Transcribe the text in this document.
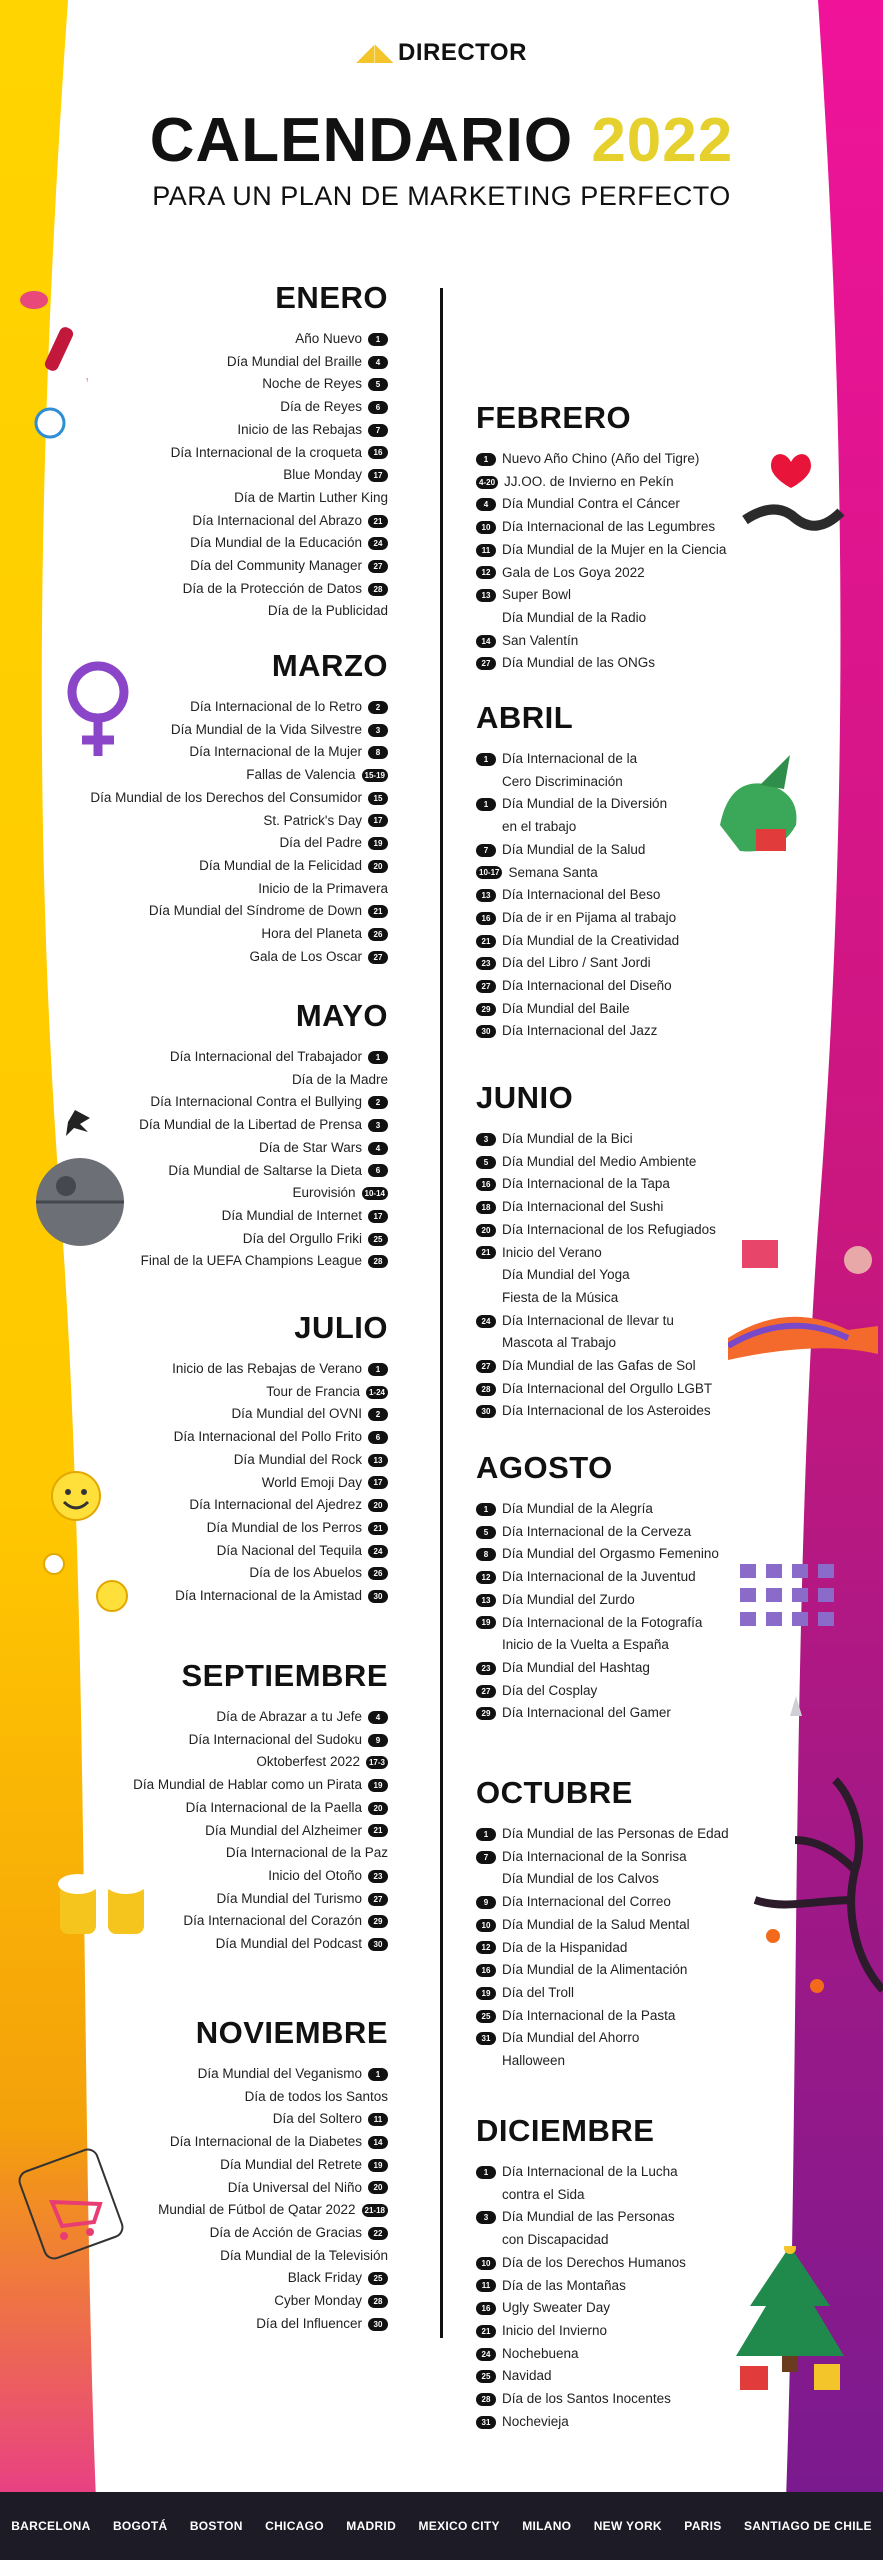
◢◣ DIRECTOR
CALENDARIO 2022
PARA UN PLAN DE MARKETING PERFECTO
ENERO
Año Nuevo 1
Día Mundial del Braille 4
Noche de Reyes 5
Día de Reyes 6
Inicio de las Rebajas 7
Día Internacional de la croqueta 16
Blue Monday 17
Día de Martin Luther King
Día Internacional del Abrazo 21
Día Mundial de la Educación 24
Día del Community Manager 27
Día de la Protección de Datos 28
Día de la Publicidad
FEBRERO
1 Nuevo Año Chino (Año del Tigre)
4-20 JJ.OO. de Invierno en Pekín
4 Día Mundial Contra el Cáncer
10 Día Internacional de las Legumbres
11 Día Mundial de la Mujer en la Ciencia
12 Gala de Los Goya 2022
13 Super Bowl
Día Mundial de la Radio
14 San Valentín
27 Día Mundial de las ONGs
MARZO
Día Internacional de lo Retro 2
Día Mundial de la Vida Silvestre 3
Día Internacional de la Mujer 8
Fallas de Valencia 15-19
Día Mundial de los Derechos del Consumidor 15
St. Patrick's Day 17
Día del Padre 19
Día Mundial de la Felicidad 20
Inicio de la Primavera
Día Mundial del Síndrome de Down 21
Hora del Planeta 26
Gala de Los Oscar 27
ABRIL
1 Día Internacional de la
Cero Discriminación
1 Día Mundial de la Diversión
en el trabajo
7 Día Mundial de la Salud
10-17 Semana Santa
13 Día Internacional del Beso
16 Día de ir en Pijama al trabajo
21 Día Mundial de la Creatividad
23 Día del Libro / Sant Jordi
27 Día Internacional del Diseño
29 Día Mundial del Baile
30 Día Internacional del Jazz
MAYO
Día Internacional del Trabajador 1
Día de la Madre
Día Internacional Contra el Bullying 2
Día Mundial de la Libertad de Prensa 3
Día de Star Wars 4
Día Mundial de Saltarse la Dieta 6
Eurovisión 10-14
Día Mundial de Internet 17
Día del Orgullo Friki 25
Final de la UEFA Champions League 28
JUNIO
3 Día Mundial de la Bici
5 Día Mundial del Medio Ambiente
16 Día Internacional de la Tapa
18 Día Internacional del Sushi
20 Día Internacional de los Refugiados
21 Inicio del Verano
Día Mundial del Yoga
Fiesta de la Música
24 Día Internacional de llevar tu
Mascota al Trabajo
27 Día Mundial de las Gafas de Sol
28 Día Internacional del Orgullo LGBT
30 Día Internacional de los Asteroides
JULIO
Inicio de las Rebajas de Verano 1
Tour de Francia 1-24
Día Mundial del OVNI 2
Día Internacional del Pollo Frito 6
Día Mundial del Rock 13
World Emoji Day 17
Día Internacional del Ajedrez 20
Día Mundial de los Perros 21
Día Nacional del Tequila 24
Día de los Abuelos 26
Día Internacional de la Amistad 30
AGOSTO
1 Día Mundial de la Alegría
5 Día Internacional de la Cerveza
8 Día Mundial del Orgasmo Femenino
12 Día Internacional de la Juventud
13 Día Mundial del Zurdo
19 Día Internacional de la Fotografía
Inicio de la Vuelta a España
23 Día Mundial del Hashtag
27 Día del Cosplay
29 Día Internacional del Gamer
SEPTIEMBRE
Día de Abrazar a tu Jefe 4
Día Internacional del Sudoku 9
Oktoberfest 2022 17-3
Día Mundial de Hablar como un Pirata 19
Día Internacional de la Paella 20
Día Mundial del Alzheimer 21
Día Internacional de la Paz
Inicio del Otoño 23
Día Mundial del Turismo 27
Día Internacional del Corazón 29
Día Mundial del Podcast 30
OCTUBRE
1 Día Mundial de las Personas de Edad
7 Día Internacional de la Sonrisa
Día Mundial de los Calvos
9 Día Internacional del Correo
10 Día Mundial de la Salud Mental
12 Día de la Hispanidad
16 Día Mundial de la Alimentación
19 Día del Troll
25 Día Internacional de la Pasta
31 Día Mundial del Ahorro
Halloween
NOVIEMBRE
Día Mundial del Veganismo 1
Día de todos los Santos
Día del Soltero 11
Día Internacional de la Diabetes 14
Día Mundial del Retrete 19
Día Universal del Niño 20
Mundial de Fútbol de Qatar 2022 21-18
Día de Acción de Gracias 22
Día Mundial de la Televisión
Black Friday 25
Cyber Monday 28
Día del Influencer 30
DICIEMBRE
1 Día Internacional de la Lucha
contra el Sida
3 Día Mundial de las Personas
con Discapacidad
10 Día de los Derechos Humanos
11 Día de las Montañas
16 Ugly Sweater Day
21 Inicio del Invierno
24 Nochebuena
25 Navidad
28 Día de los Santos Inocentes
31 Nochevieja
BARCELONA BOGOTÁ BOSTON CHICAGO MADRID MEXICO CITY MILANO NEW YORK PARIS SANTIAGO DE CHILE
